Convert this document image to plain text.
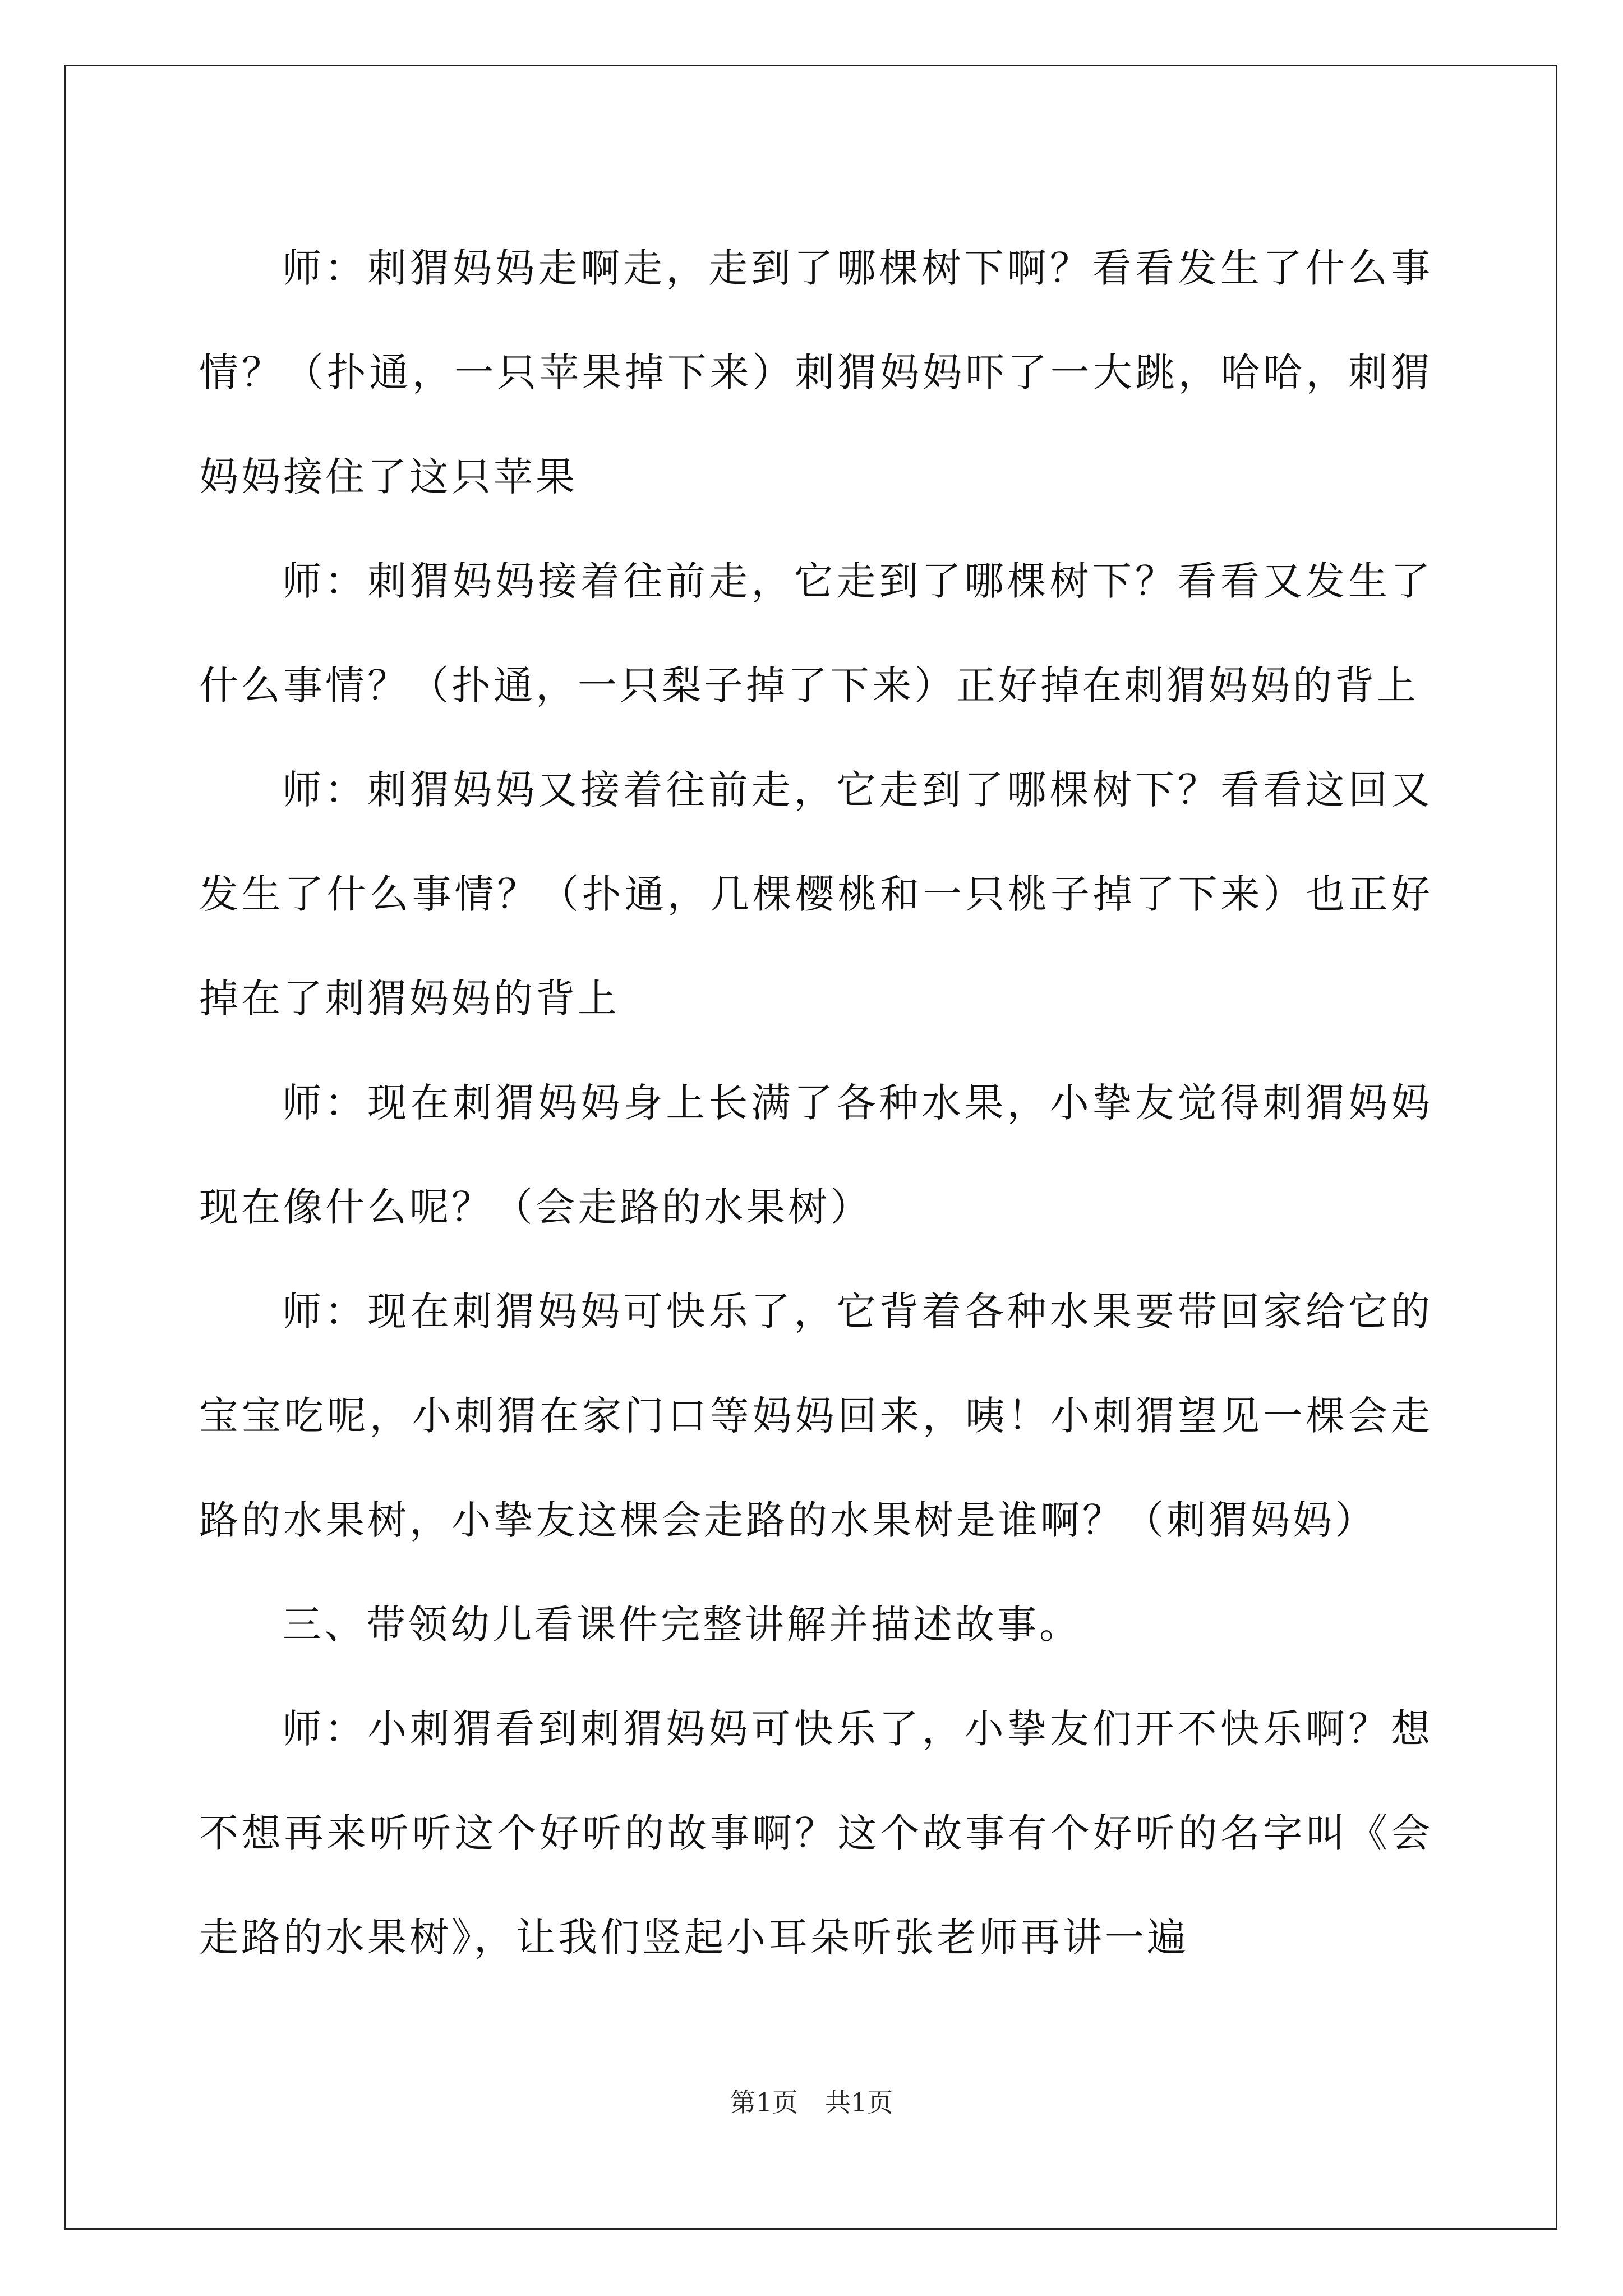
师：刺猬妈妈走啊走，走到了哪棵树下啊？看看发生了什么事情？（扑通，一只苹果掉下来）刺猬妈妈吓了一大跳，哈哈，刺猬妈妈接住了这只苹果

师：刺猬妈妈接着往前走，它走到了哪棵树下？看看又发生了什么事情？（扑通，一只梨子掉了下来）正好掉在刺猬妈妈的背上

师：刺猬妈妈又接着往前走，它走到了哪棵树下？看看这回又发生了什么事情？（扑通，几棵樱桃和一只桃子掉了下来）也正好掉在了刺猬妈妈的背上

师：现在刺猬妈妈身上长满了各种水果，小挚友觉得刺猬妈妈现在像什么呢？（会走路的水果树）

师：现在刺猬妈妈可快乐了，它背着各种水果要带回家给它的宝宝吃呢，小刺猬在家门口等妈妈回来，咦！小刺猬望见一棵会走路的水果树，小挚友这棵会走路的水果树是谁啊？（刺猬妈妈）

三、带领幼儿看课件完整讲解并描述故事。

师：小刺猬看到刺猬妈妈可快乐了，小挚友们开不快乐啊？想不想再来听听这个好听的故事啊？这个故事有个好听的名字叫《会走路的水果树》，让我们竖起小耳朵听张老师再讲一遍

第1页 共1页
